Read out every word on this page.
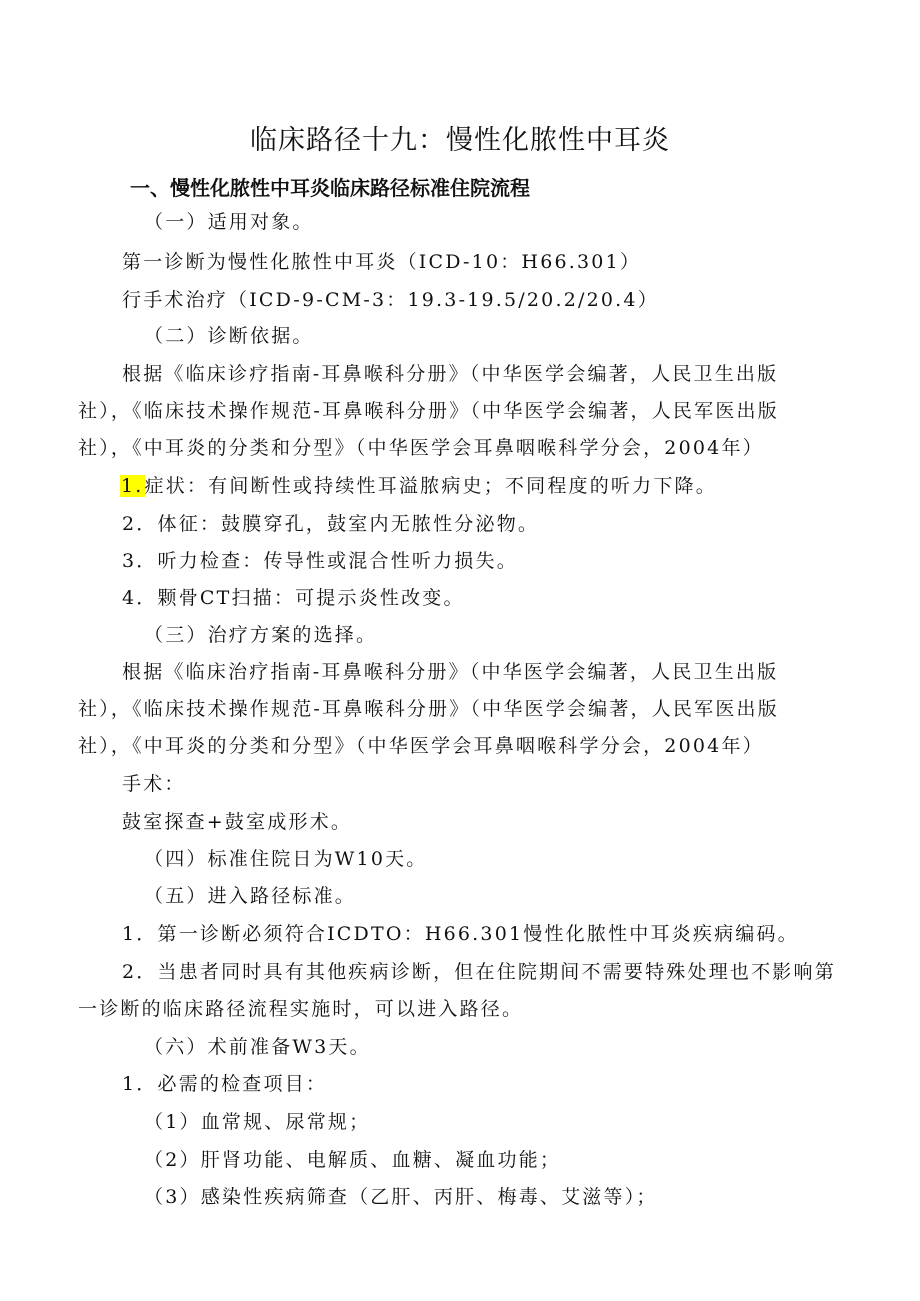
临床路径十九：慢性化脓性中耳炎
一、慢性化脓性中耳炎临床路径标准住院流程
（一）适用对象。
第一诊断为慢性化脓性中耳炎（ICD-10：H66.301）
行手术治疗（ICD-9-CM-3：19.3-19.5/20.2/20.4）
（二）诊断依据。
根据《临床诊疗指南-耳鼻喉科分册》（中华医学会编著，人民卫生出版
社），《临床技术操作规范-耳鼻喉科分册》（中华医学会编著，人民军医出版
社），《中耳炎的分类和分型》（中华医学会耳鼻咽喉科学分会，2004年）
1.症状：有间断性或持续性耳溢脓病史；不同程度的听力下降。
2．体征：鼓膜穿孔，鼓室内无脓性分泌物。
3．听力检查：传导性或混合性听力损失。
4．颗骨CT扫描：可提示炎性改变。
（三）治疗方案的选择。
根据《临床治疗指南-耳鼻喉科分册》（中华医学会编著，人民卫生出版
社），《临床技术操作规范-耳鼻喉科分册》（中华医学会编著，人民军医出版
社），《中耳炎的分类和分型》（中华医学会耳鼻咽喉科学分会，2004年）
手术：
鼓室探查+鼓室成形术。
（四）标准住院日为W10天。
（五）进入路径标准。
1．第一诊断必须符合ICDTO：H66.301慢性化脓性中耳炎疾病编码。
2．当患者同时具有其他疾病诊断，但在住院期间不需要特殊处理也不影响第
一诊断的临床路径流程实施时，可以进入路径。
（六）术前准备W3天。
1．必需的检查项目：
（1）血常规、尿常规；
（2）肝肾功能、电解质、血糖、凝血功能；
（3）感染性疾病筛查（乙肝、丙肝、梅毒、艾滋等）；
